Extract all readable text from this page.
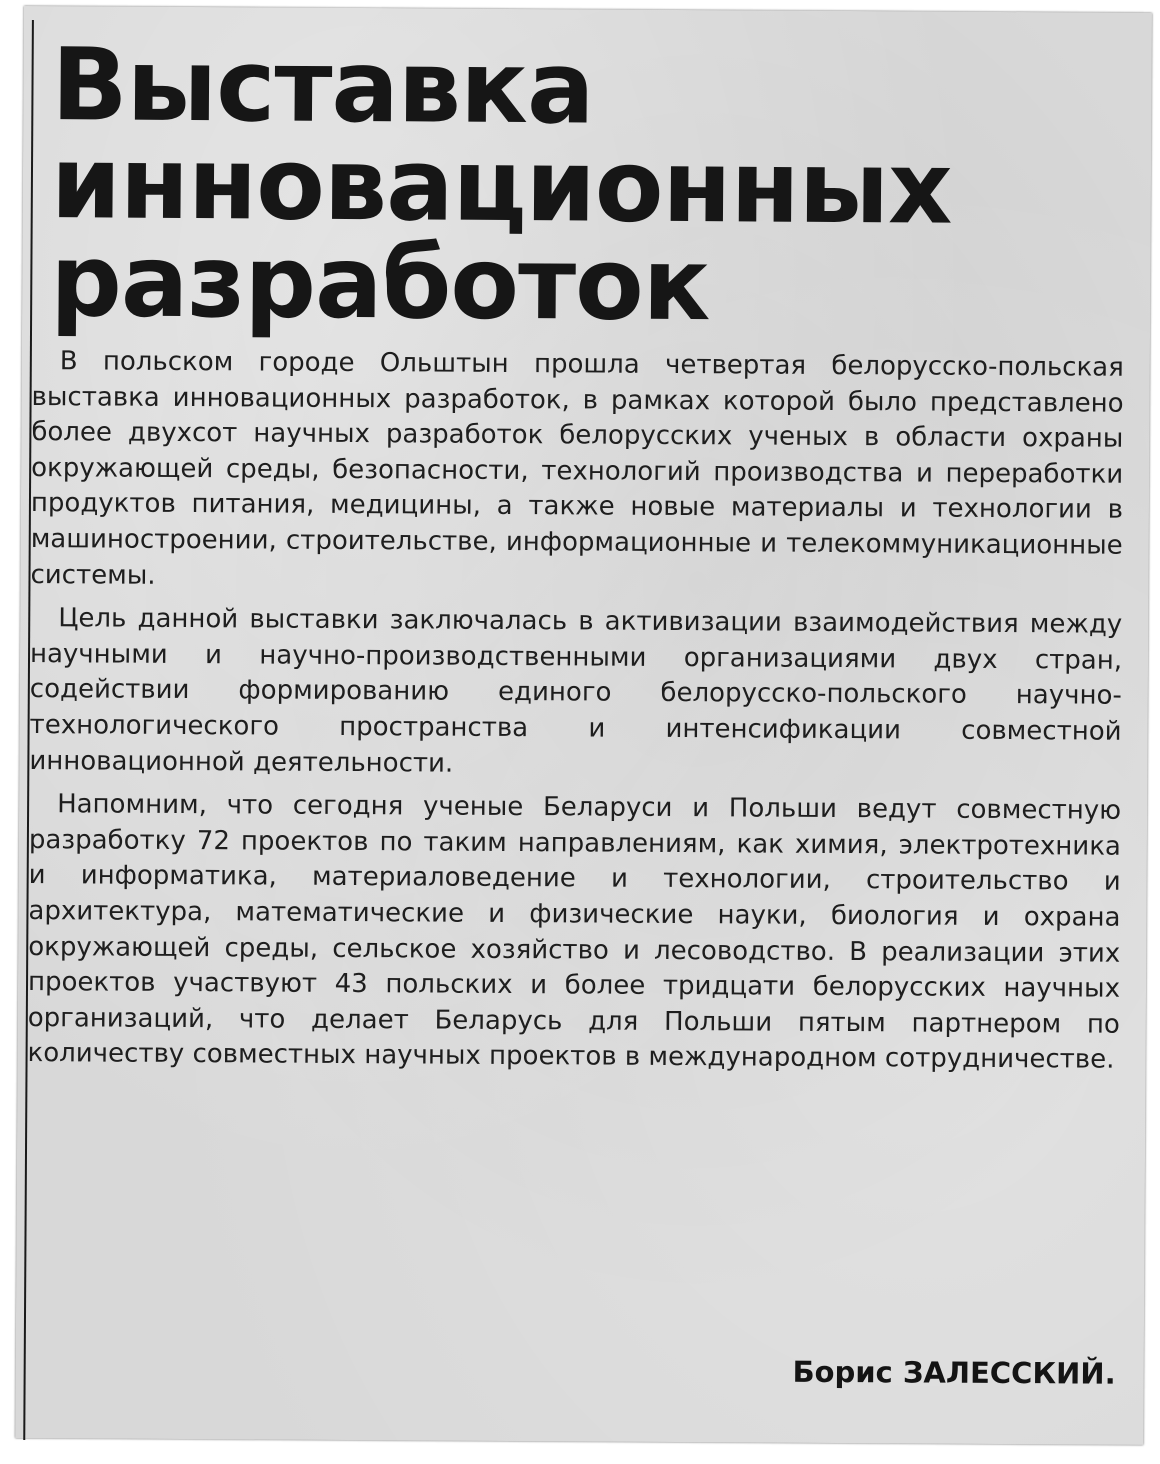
Выставка
инновационных
разработок

В польском городе Ольштын прошла четвертая белорусско-польская выставка инновационных разработок, в рамках которой было представлено более двухсот научных разработок белорусских ученых в области охраны окружающей среды, безопасности, технологий производства и переработки продуктов питания, медицины, а также новые материалы и технологии в машиностроении, строительстве, информационные и телекоммуникационные системы.

Цель данной выставки заключалась в активизации взаимодействия между научными и научно-производственными организациями двух стран, содействии формированию единого белорусско-польского научно-технологического пространства и интенсификации совместной инновационной деятельности.

Напомним, что сегодня ученые Беларуси и Польши ведут совместную разработку 72 проектов по таким направлениям, как химия, электротехника и информатика, материаловедение и технологии, строительство и архитектура, математические и физические науки, биология и охрана окружающей среды, сельское хозяйство и лесоводство. В реализации этих проектов участвуют 43 польских и более тридцати белорусских научных организаций, что делает Беларусь для Польши пятым партнером по количеству совместных научных проектов в международном сотрудничестве.

Борис ЗАЛЕССКИЙ.
